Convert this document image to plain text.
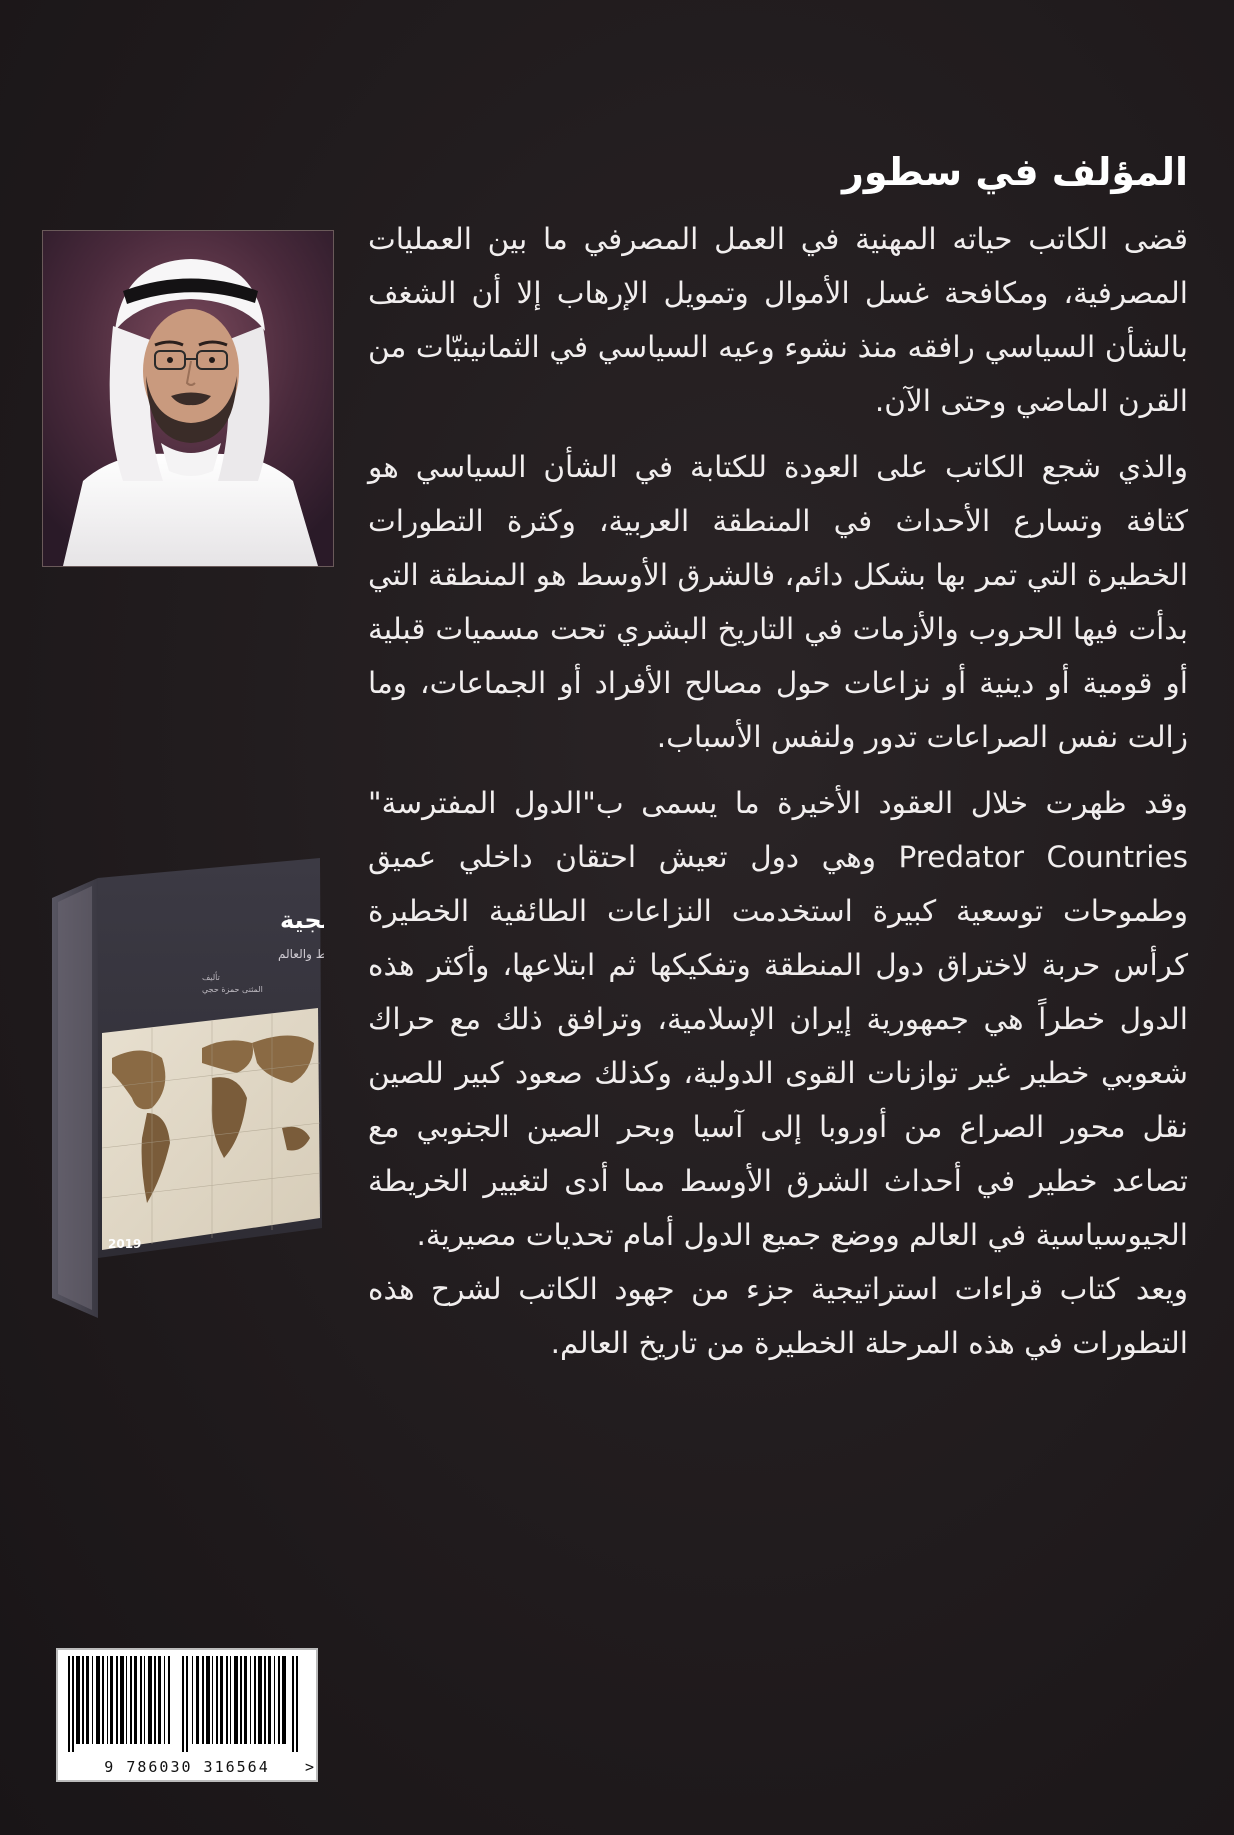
المؤلف في سطور

قضى الكاتب حياته المهنية في العمل المصرفي ما بين العمليات المصرفية، ومكافحة غسل الأموال وتمويل الإرهاب إلا أن الشغف بالشأن السياسي رافقه منذ نشوء وعيه السياسي في الثمانينيّات من القرن الماضي وحتى الآن.

والذي شجع الكاتب على العودة للكتابة في الشأن السياسي هو كثافة وتسارع الأحداث في المنطقة العربية، وكثرة التطورات الخطيرة التي تمر بها بشكل دائم، فالشرق الأوسط هو المنطقة التي بدأت فيها الحروب والأزمات في التاريخ البشري تحت مسميات قبلية أو قومية أو دينية أو نزاعات حول مصالح الأفراد أو الجماعات، وما زالت نفس الصراعات تدور ولنفس الأسباب.

وقد ظهرت خلال العقود الأخيرة ما يسمى ب"الدول المفترسة" Predator Countries وهي دول تعيش احتقان داخلي عميق وطموحات توسعية كبيرة استخدمت النزاعات الطائفية الخطيرة كرأس حربة لاختراق دول المنطقة وتفكيكها ثم ابتلاعها، وأكثر هذه الدول خطراً هي جمهورية إيران الإسلامية، وترافق ذلك مع حراك شعوبي خطير غير توازنات القوى الدولية، وكذلك صعود كبير للصين نقل محور الصراع من أوروبا إلى آسيا وبحر الصين الجنوبي مع تصاعد خطير في أحداث الشرق الأوسط مما أدى لتغيير الخريطة الجيوسياسية في العالم ووضع جميع الدول أمام تحديات مصيرية.

ويعد كتاب قراءات استراتيجية جزء من جهود الكاتب لشرح هذه التطورات في هذه المرحلة الخطيرة من تاريخ العالم.

جية
ط والعالم
تأليف
المثنى حمزة حجي
2019
9 786030 316564	>
